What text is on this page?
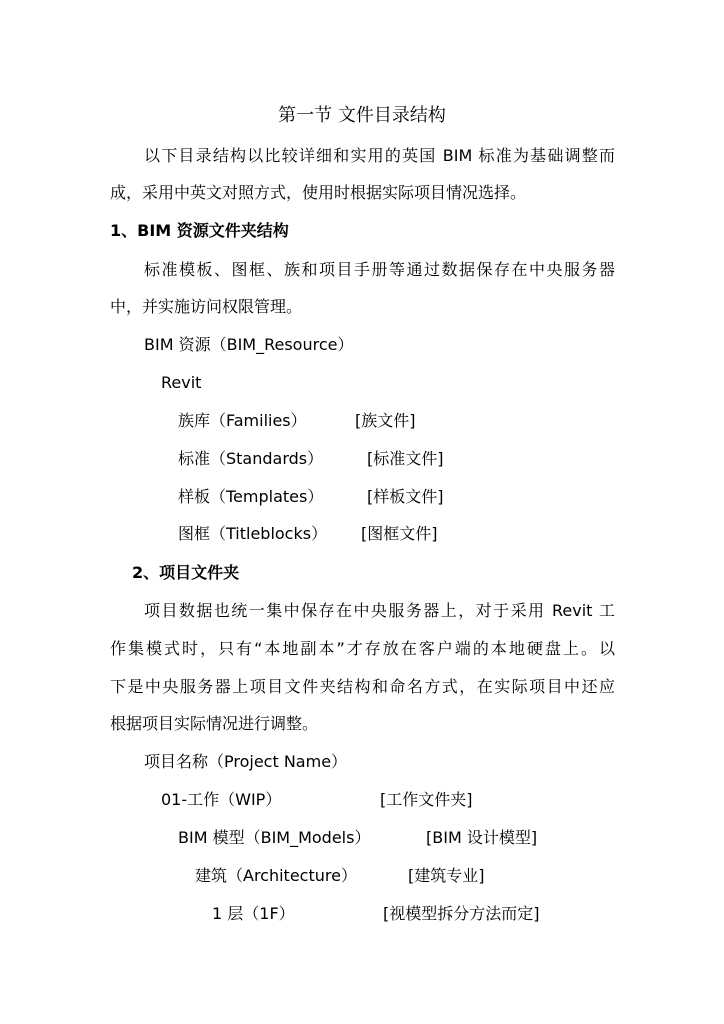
第一节 文件目录结构
以下目录结构以比较详细和实用的英国 BIM 标准为基础调整而
成，采用中英文对照方式，使用时根据实际项目情况选择。
1、BIM 资源文件夹结构
标准模板、图框、族和项目手册等通过数据保存在中央服务器
中，并实施访问权限管理。
BIM 资源（BIM_Resource）
Revit
族库（Families）	[族文件]
标准（Standards）	[标准文件]
样板（Templates）	[样板文件]
图框（Titleblocks） [图框文件]
2、项目文件夹
项目数据也统一集中保存在中央服务器上，对于采用 Revit 工
作集模式时，只有“本地副本”才存放在客户端的本地硬盘上。以
下是中央服务器上项目文件夹结构和命名方式，在实际项目中还应
根据项目实际情况进行调整。
项目名称（Project Name）
01-工作（WIP）	[工作文件夹]
BIM 模型（BIM_Models）	[BIM 设计模型]
建筑（Architecture）	[建筑专业]
1 层（1F）	[视模型拆分方法而定]
